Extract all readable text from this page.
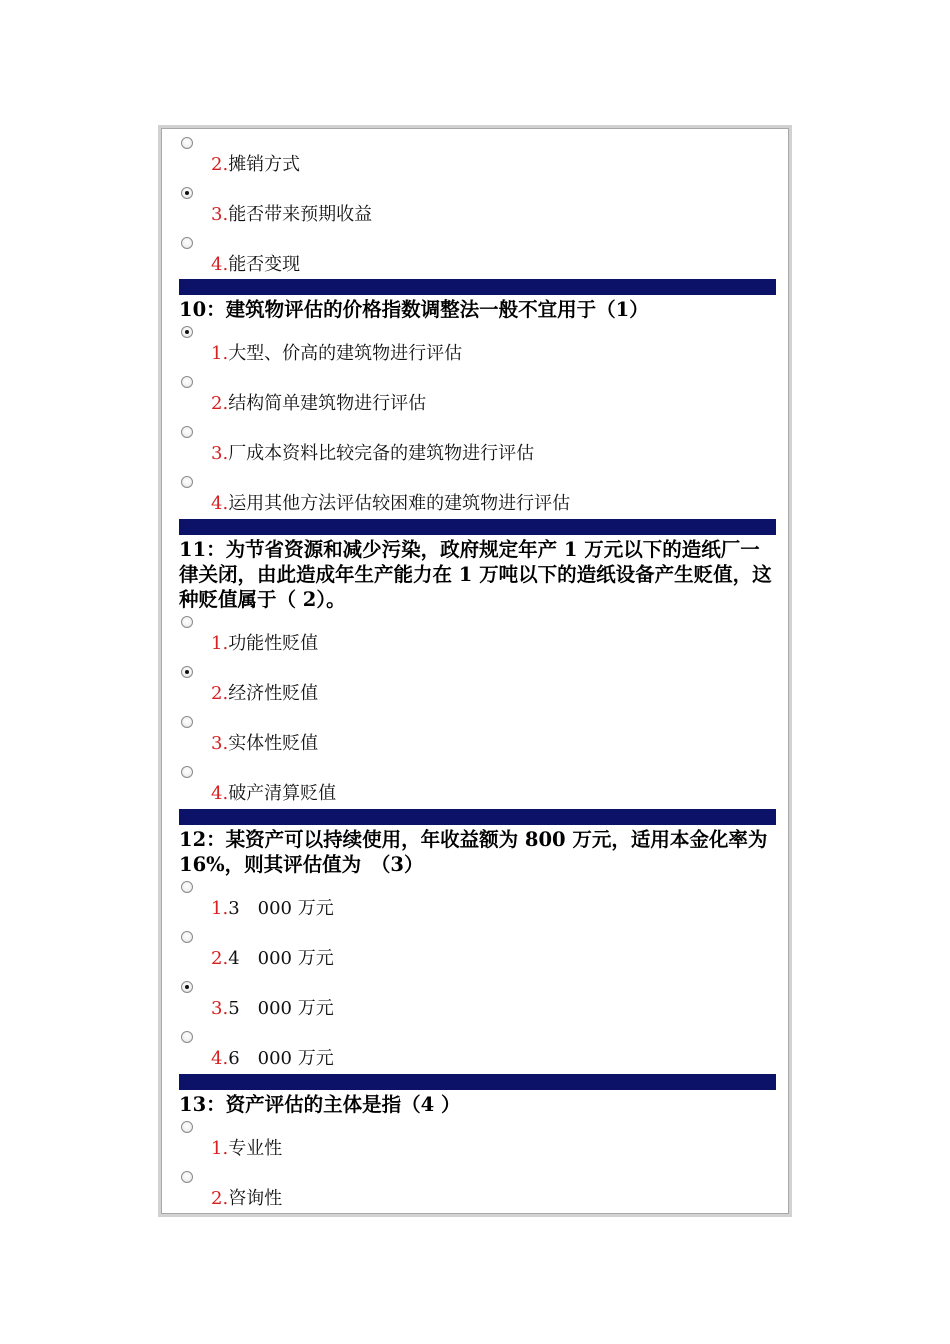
2.摊销方式
3.能否带来预期收益
4.能否变现
10：建筑物评估的价格指数调整法一般不宜用于（1）
1.大型、价高的建筑物进行评估
2.结构简单建筑物进行评估
3.厂成本资料比较完备的建筑物进行评估
4.运用其他方法评估较困难的建筑物进行评估
11：为节省资源和减少污染，政府规定年产 1 万元以下的造纸厂一律关闭，由此造成年生产能力在 1 万吨以下的造纸设备产生贬值，这种贬值属于（ 2）。
1.功能性贬值
2.经济性贬值
3.实体性贬值
4.破产清算贬值
12：某资产可以持续使用，年收益额为 800 万元，适用本金化率为 16%，则其评估值为　（3）
1.3　000 万元
2.4　000 万元
3.5　000 万元
4.6　000 万元
13：资产评估的主体是指（4 ）
1.专业性
2.咨询性
